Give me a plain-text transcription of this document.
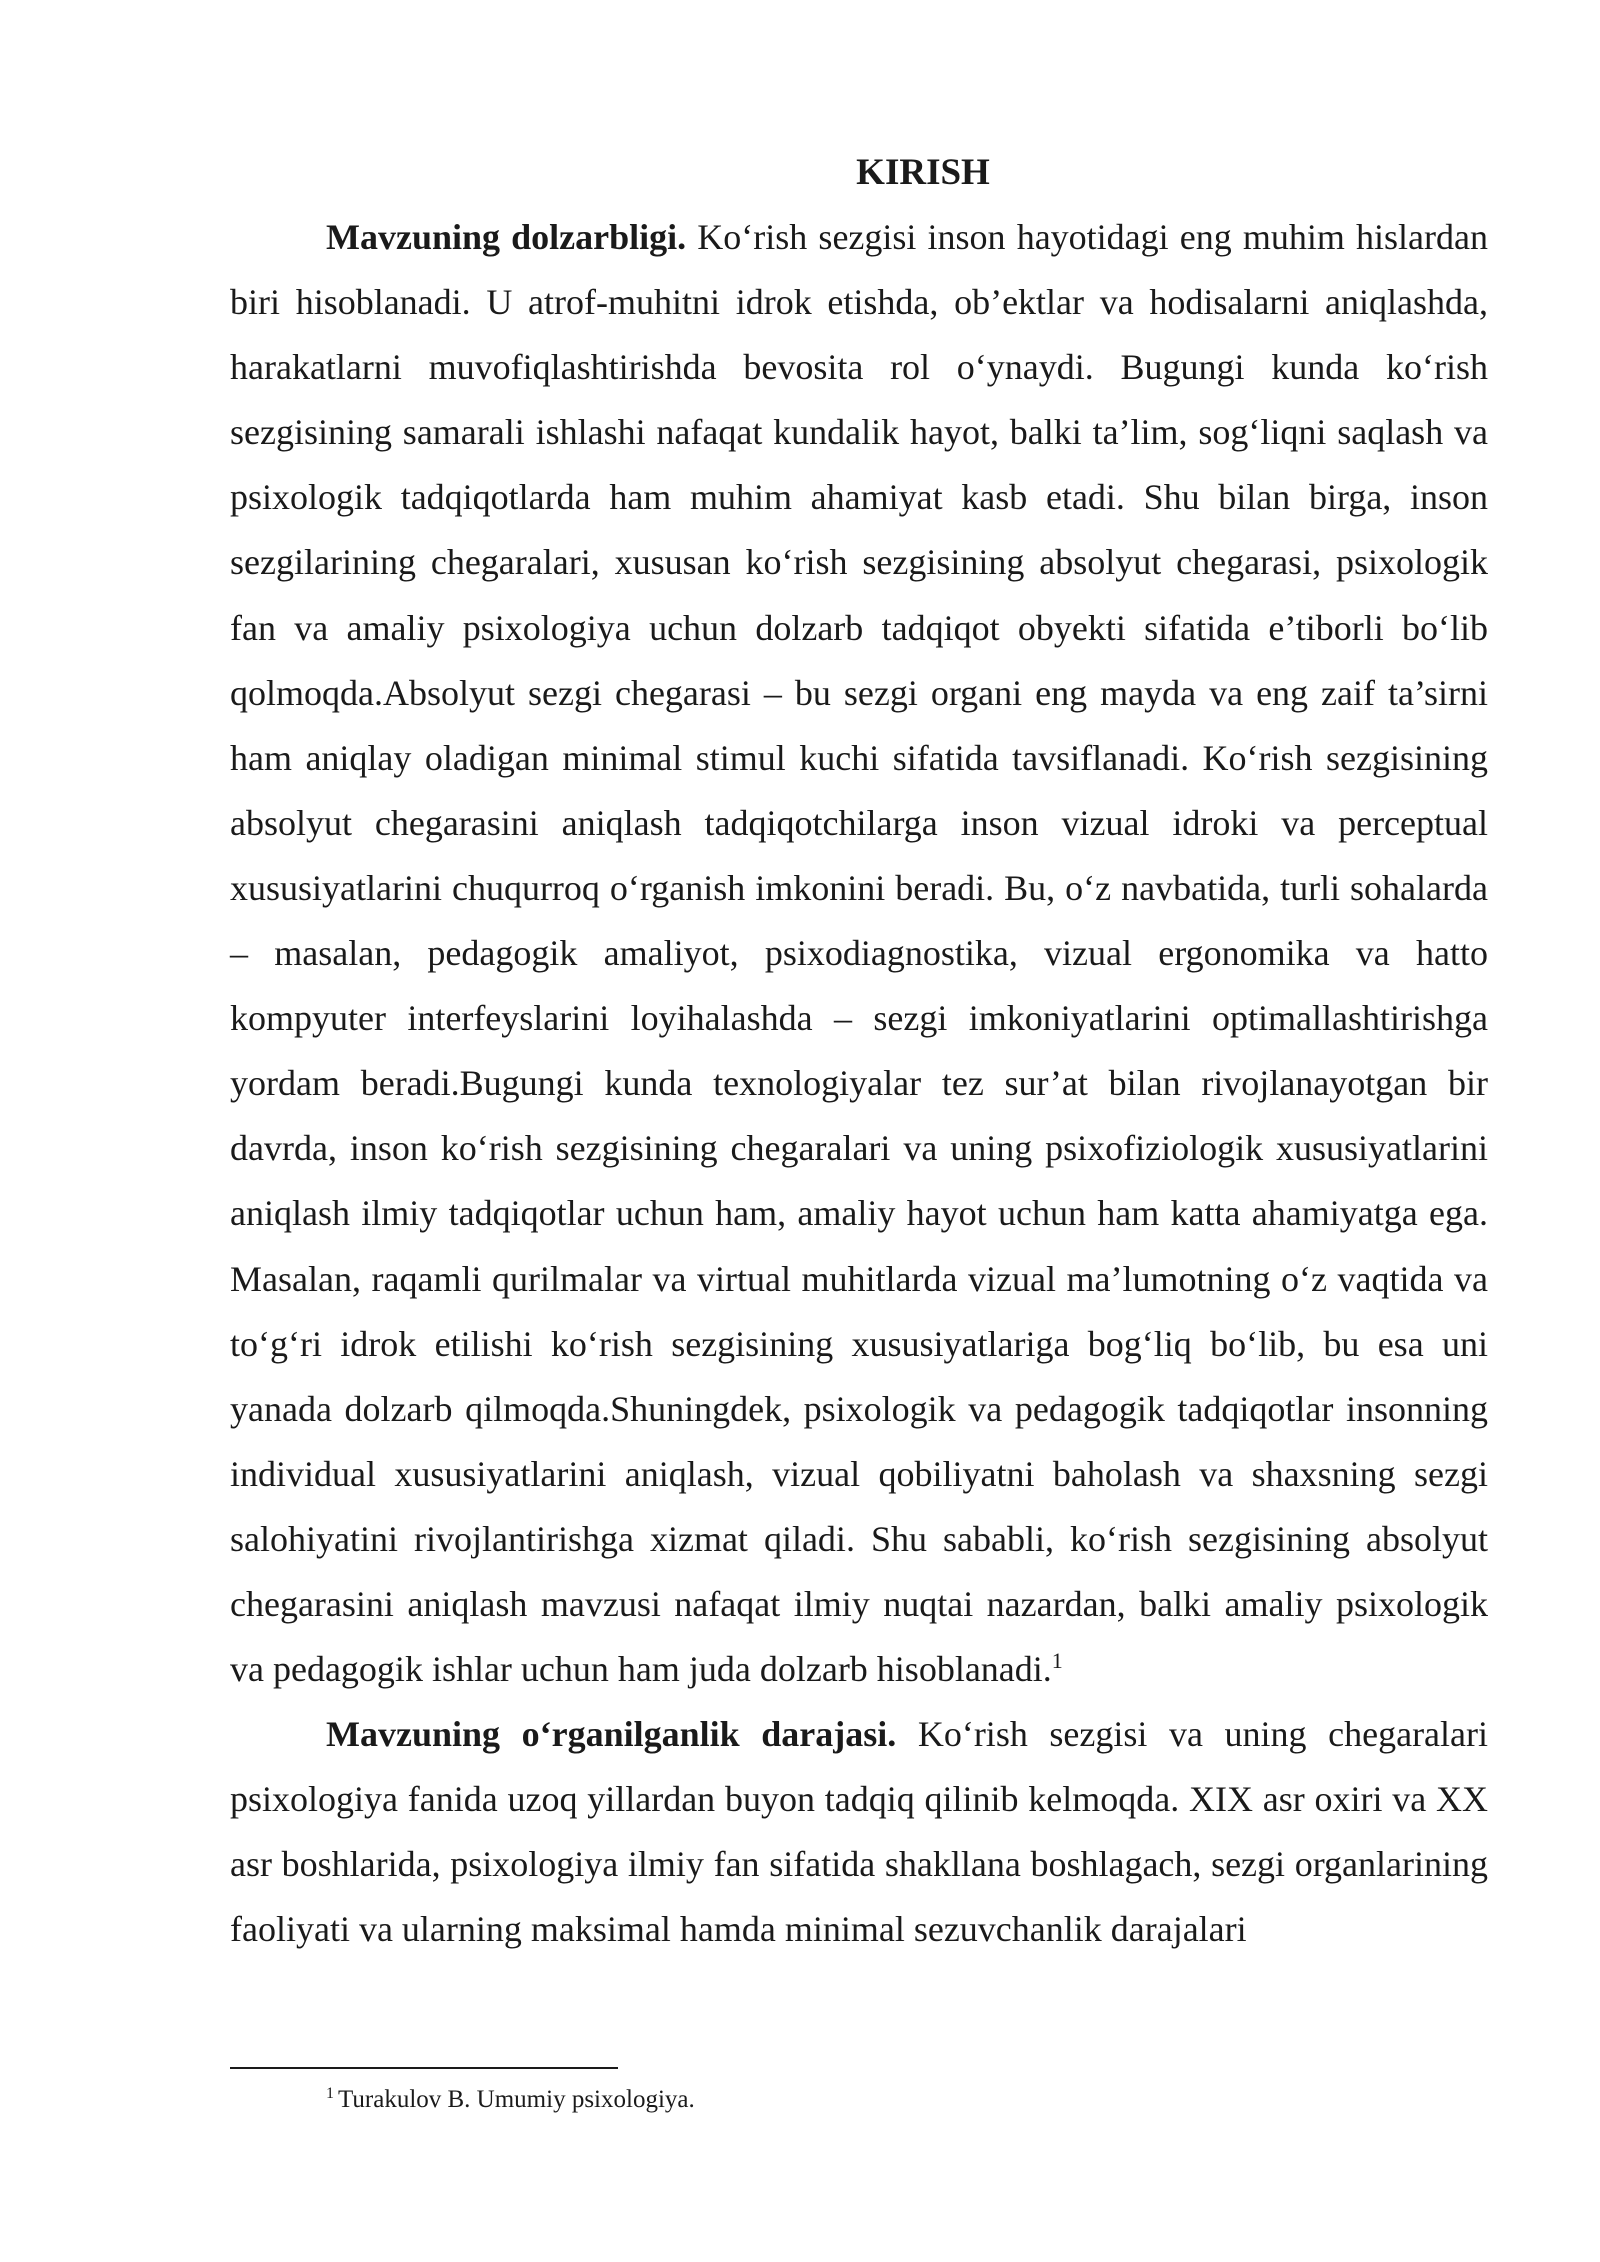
KIRISH

Mavzuning dolzarbligi. Ko‘rish sezgisi inson hayotidagi eng muhim hislardan biri hisoblanadi. U atrof-muhitni idrok etishda, ob’ektlar va hodisalarni aniqlashda, harakatlarni muvofiqlashtirishda bevosita rol o‘ynaydi. Bugungi kunda ko‘rish sezgisining samarali ishlashi nafaqat kundalik hayot, balki ta’lim, sog‘liqni saqlash va psixologik tadqiqotlarda ham muhim ahamiyat kasb etadi. Shu bilan birga, inson sezgilarining chegaralari, xususan ko‘rish sezgisining absolyut chegarasi, psixologik fan va amaliy psixologiya uchun dolzarb tadqiqot obyekti sifatida e’tiborli bo‘lib qolmoqda.Absolyut sezgi chegarasi – bu sezgi organi eng mayda va eng zaif ta’sirni ham aniqlay oladigan minimal stimul kuchi sifatida tavsiflanadi. Ko‘rish sezgisining absolyut chegarasini aniqlash tadqiqotchilarga inson vizual idroki va perceptual xususiyatlarini chuqurroq o‘rganish imkonini beradi. Bu, o‘z navbatida, turli sohalarda – masalan, pedagogik amaliyot, psixodiagnostika, vizual ergonomika va hatto kompyuter interfeyslarini loyihalashda – sezgi imkoniyatlarini optimallashtirishga yordam beradi.Bugungi kunda texnologiyalar tez sur’at bilan rivojlanayotgan bir davrda, inson ko‘rish sezgisining chegaralari va uning psixofiziologik xususiyatlarini aniqlash ilmiy tadqiqotlar uchun ham, amaliy hayot uchun ham katta ahamiyatga ega. Masalan, raqamli qurilmalar va virtual muhitlarda vizual ma’lumotning o‘z vaqtida va to‘g‘ri idrok etilishi ko‘rish sezgisining xususiyatlariga bog‘liq bo‘lib, bu esa uni yanada dolzarb qilmoqda.Shuningdek, psixologik va pedagogik tadqiqotlar insonning individual xususiyatlarini aniqlash, vizual qobiliyatni baholash va shaxsning sezgi salohiyatini rivojlantirishga xizmat qiladi. Shu sababli, ko‘rish sezgisining absolyut chegarasini aniqlash mavzusi nafaqat ilmiy nuqtai nazardan, balki amaliy psixologik va pedagogik ishlar uchun ham juda dolzarb hisoblanadi.$^1$

Mavzuning o‘rganilganlik darajasi. Ko‘rish sezgisi va uning chegaralari psixologiya fanida uzoq yillardan buyon tadqiq qilinib kelmoqda. XIX asr oxiri va XX asr boshlarida, psixologiya ilmiy fan sifatida shakllana boshlagach, sezgi organlarining faoliyati va ularning maksimal hamda minimal sezuvchanlik darajalari

$^1$ Turakulov B. Umumiy psixologiya.
